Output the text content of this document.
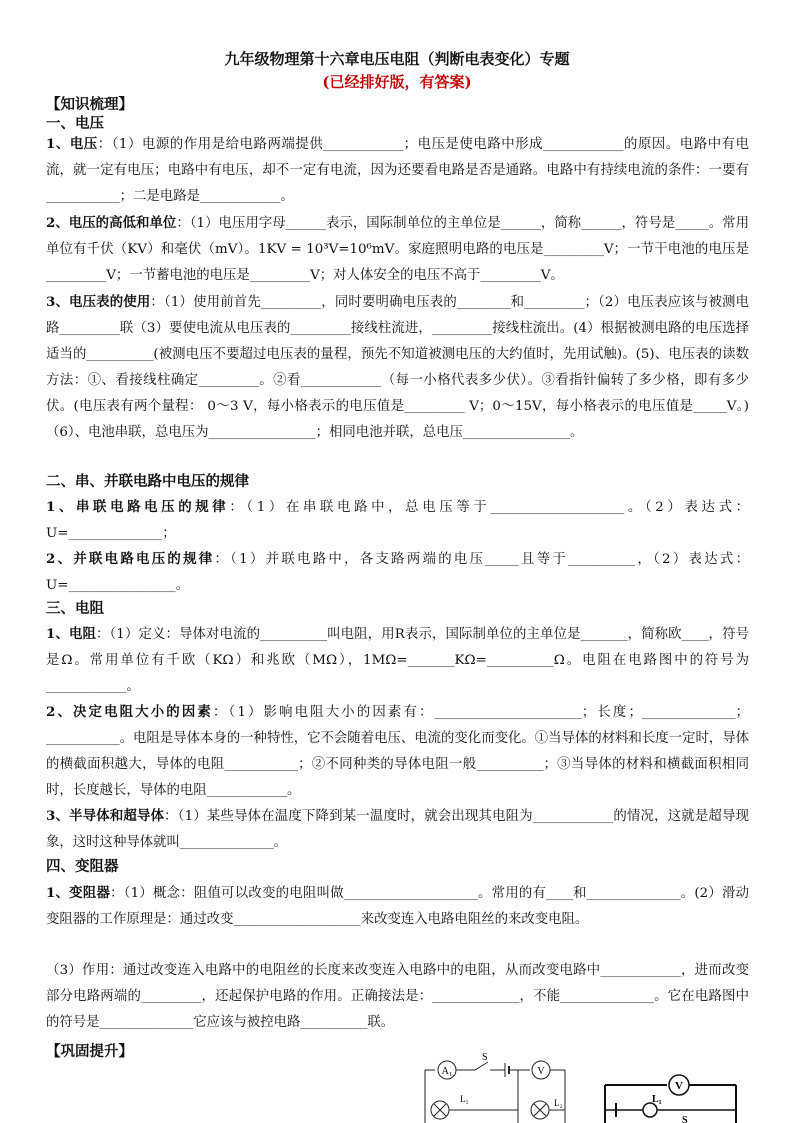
九年级物理第十六章电压电阻（判断电表变化）专题
(已经排好版，有答案)
【知识梳理】
一、电压

1、电压：（1）电源的作用是给电路两端提供____________；电压是使电路中形成____________的原因。电路中有电流，就一定有电压；电路中有电压，却不一定有电流，因为还要看电路是否是通路。电路中有持续电流的条件：一要有___________；二是电路是____________。

2、电压的高低和单位：（1）电压用字母______表示，国际制单位的主单位是______，简称______，符号是_____。常用单位有千伏（KV）和毫伏（mV）。1KV = 10³V=10⁶mV。家庭照明电路的电压是_________V；一节干电池的电压是_________V；一节蓄电池的电压是_________V；对人体安全的电压不高于_________V。

3、电压表的使用：（1）使用前首先_________，同时要明确电压表的________和_________；（2）电压表应该与被测电路_________联（3）要使电流从电压表的_________接线柱流进，_________接线柱流出。(4）根据被测电路的电压选择适当的__________(被测电压不要超过电压表的量程，预先不知道被测电压的大约值时，先用试触)。(5)、电压表的读数方法：①、看接线柱确定_________。②看____________（每一小格代表多少伏）。③看指针偏转了多少格，即有多少伏。(电压表有两个量程： 0～3 V，每小格表示的电压值是_________ V；0～15V，每小格表示的电压值是_____V。)（6）、电池串联，总电压为________________；相同电池并联，总电压________________。

二、串、并联电路中电压的规律

1、串联电路电压的规律：（1）在串联电路中，总电压等于____________________。（2）表达式：U=______________；

2、并联电路电压的规律：（1）并联电路中，各支路两端的电压_____且等于__________，（2）表达式：U=________________。

三、电阻

1、电阻：（1）定义：导体对电流的__________叫电阻，用R表示，国际制单位的主单位是_______，简称欧____，符号是Ω。常用单位有千欧（KΩ）和兆欧（MΩ），1MΩ=_______KΩ=__________Ω。电阻在电路图中的符号为____________。

2、决定电阻大小的因素：（1）影响电阻大小的因素有：______________________；长度；______________；___________。电阻是导体本身的一种特性，它不会随着电压、电流的变化而变化。①当导体的材料和长度一定时，导体的横截面积越大，导体的电阻___________；②不同种类的导体电阻一般__________；③当导体的材料和横截面积相同时，长度越长，导体的电阻____________。

3、半导体和超导体：（1）某些导体在温度下降到某一温度时，就会出现其电阻为____________的情况，这就是超导现象，这时这种导体就叫______________。

四、变阻器

1、变阻器：（1）概念：阻值可以改变的电阻叫做____________________。常用的有____和______________。(2）滑动变阻器的工作原理是：通过改变___________________来改变连入电路电阻丝的来改变电阻。

（3）作用：通过改变连入电路中的电阻丝的长度来改变连入电路中的电阻，从而改变电路中____________，进而改变部分电路两端的_________，还起保护电路的作用。正确接法是：_____________，不能______________。它在电路图中的符号是______________它应该与被控电路__________联。

【巩固提升】
A₁
S
V
L₁	L₂
V
L₁
S
